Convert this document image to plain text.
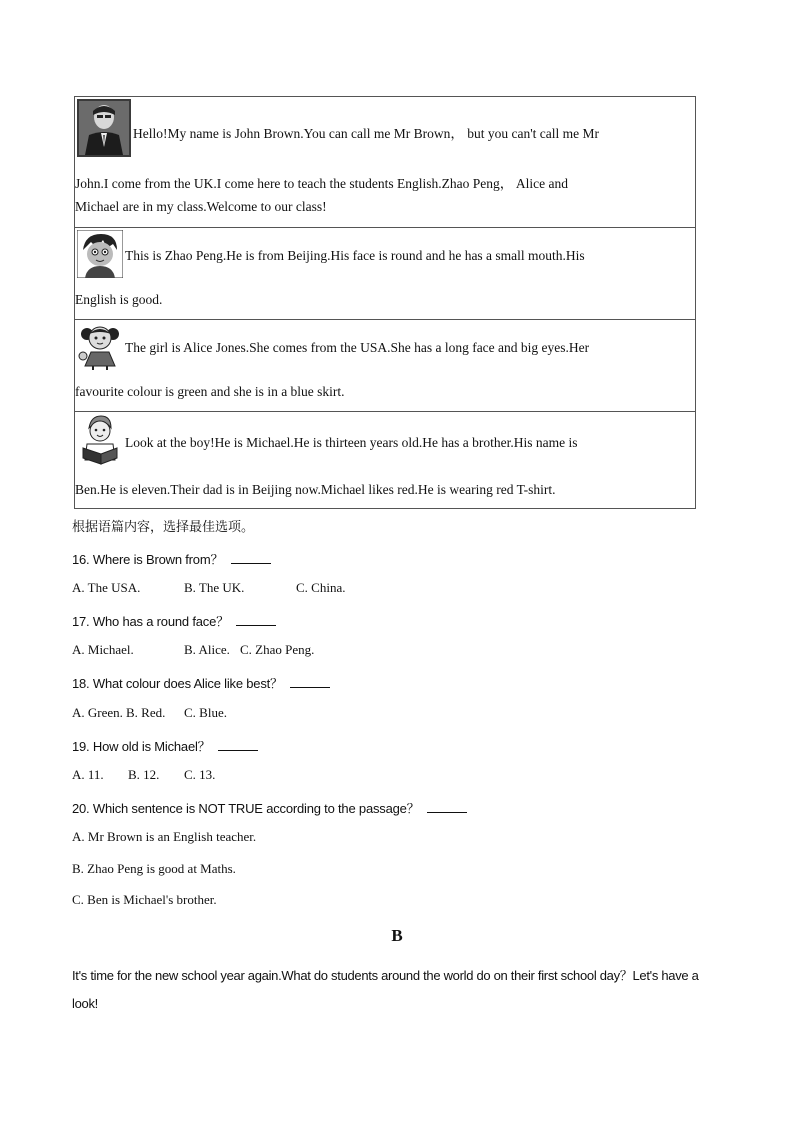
Hello!My name is John Brown.You can call me Mr Brown， but you can't call me Mr
John.I come from the UK.I come here to teach the students English.Zhao Peng， Alice and
Michael are in my class.Welcome to our class!
This is Zhao Peng.He is from Beijing.His face is round and he has a small mouth.His
English is good.
The girl is Alice Jones.She comes from the USA.She has a long face and big eyes.Her
favourite colour is green and she is in a blue skirt.
Look at the boy!He is Michael.He is thirteen years old.He has a brother.His name is
Ben.He is eleven.Their dad is in Beijing now.Michael likes red.He is wearing red T-shirt.
根据语篇内容，选择最佳选项。
16. Where is Brown from？
A. The USA.	B. The UK.	C. China.
17. Who has a round face？
A. Michael.	B. Alice. C. Zhao Peng.
18. What colour does Alice like best？
A. Green. B. Red. C. Blue.
19. How old is Michael？
A. 11. B. 12. C. 13.
20. Which sentence is NOT TRUE according to the passage？
A. Mr Brown is an English teacher.
B. Zhao Peng is good at Maths.
C. Ben is Michael's brother.
B
It's time for the new school year again.What do students around the world do on their first school day？Let's have a
look!
